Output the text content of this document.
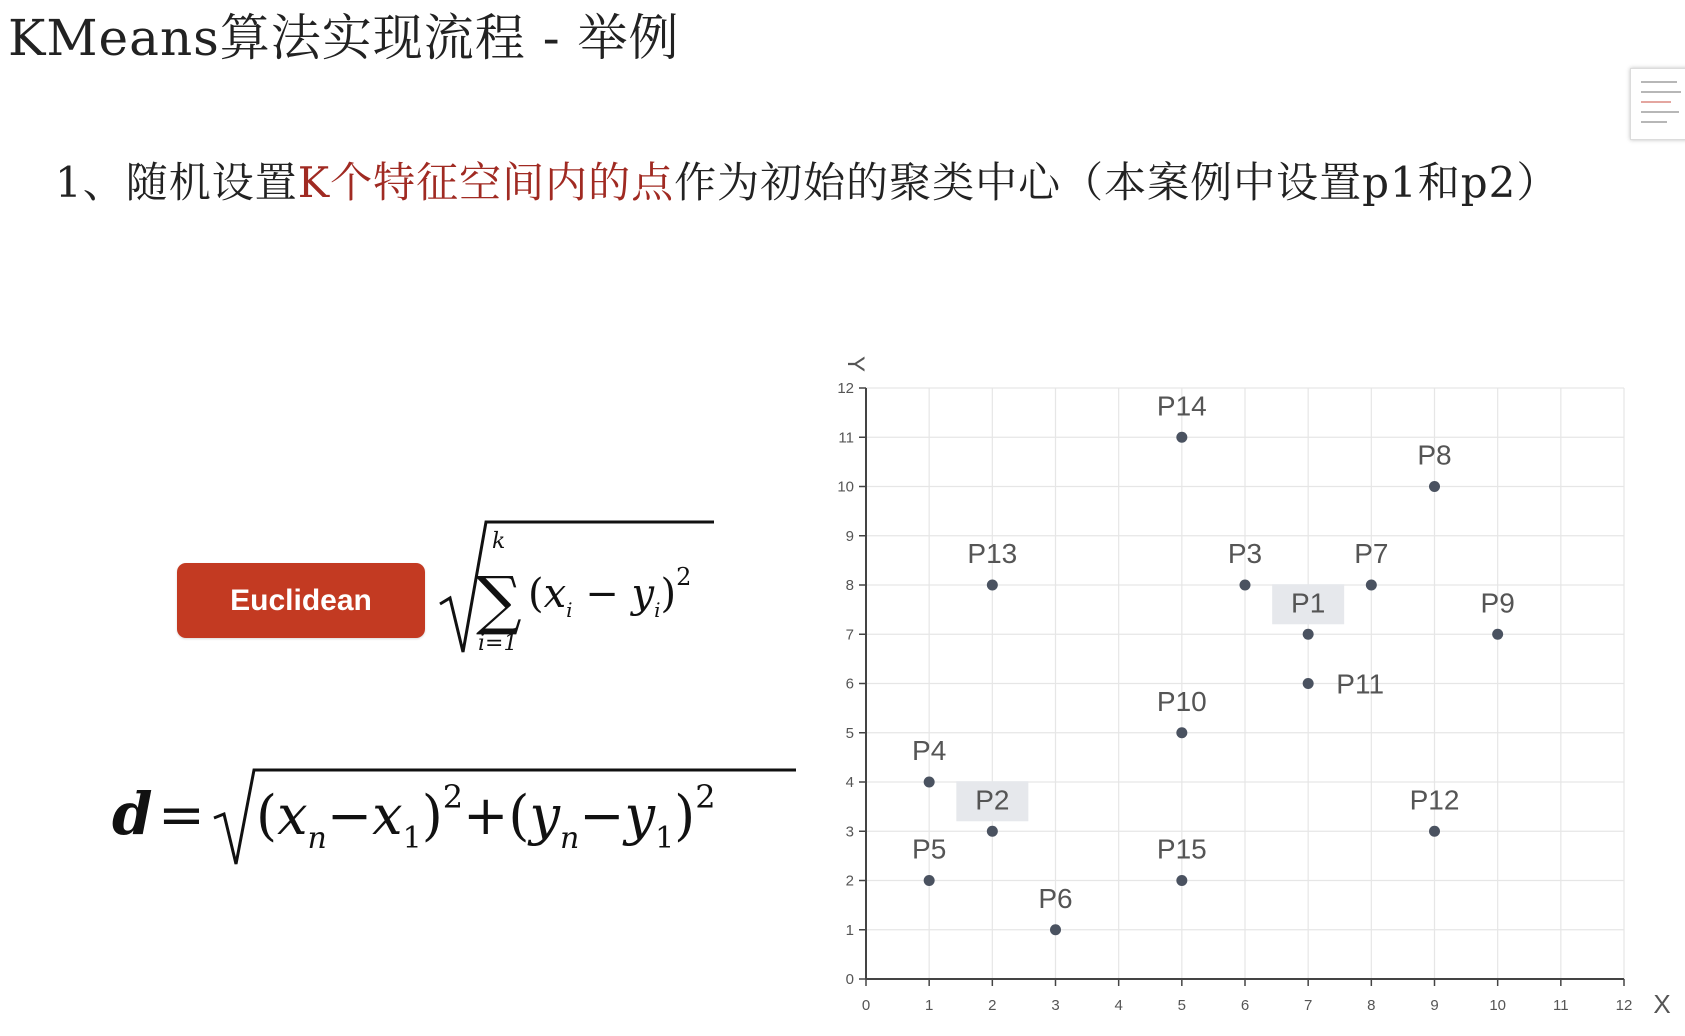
KMeans算法实现流程 - 举例

1、随机设置K个特征空间内的点作为初始的聚类中心（本案例中设置p1和p2）

Euclidean
k
∑
i=1
$(x_i - y_i)^2$
$d = (x_n-x_1)^2+(y_n-y_1)^2$
0	1	2	3	4	5	6	7	8	9	10	11	12
0
1
2
3
4
5
6
7
8
9
10
11
12
X
Y
P1
P2
P3
P4
P5
P6
P7
P8
P9
P10
P11
P12
P13
P14
P15
